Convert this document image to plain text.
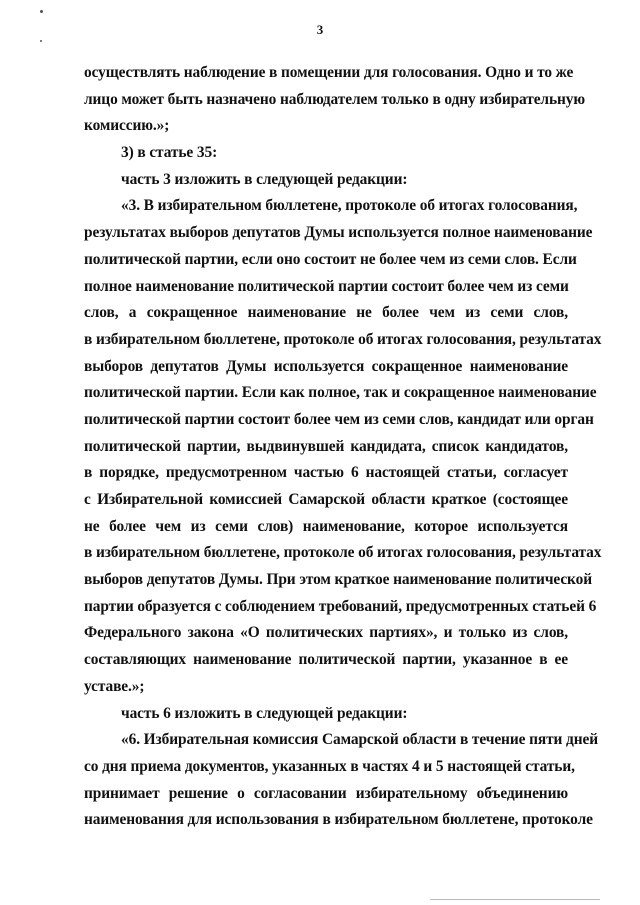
3

осуществлять наблюдение в помещении для голосования. Одно и то же
лицо может быть назначено наблюдателем только в одну избирательную
комиссию.»;

3) в статье 35:

часть 3 изложить в следующей редакции:

«3. В избирательном бюллетене, протоколе об итогах голосования,
результатах выборов депутатов Думы используется полное наименование
политической партии, если оно состоит не более чем из семи слов. Если
полное наименование политической партии состоит более чем из семи
слов, а сокращенное наименование не более чем из семи слов,
в избирательном бюллетене, протоколе об итогах голосования, результатах
выборов депутатов Думы используется сокращенное наименование
политической партии. Если как полное, так и сокращенное наименование
политической партии состоит более чем из семи слов, кандидат или орган
политической партии, выдвинувшей кандидата, список кандидатов,
в порядке, предусмотренном частью 6 настоящей статьи, согласует
с Избирательной комиссией Самарской области краткое (состоящее
не более чем из семи слов) наименование, которое используется
в избирательном бюллетене, протоколе об итогах голосования, результатах
выборов депутатов Думы. При этом краткое наименование политической
партии образуется с соблюдением требований, предусмотренных статьей 6
Федерального закона «О политических партиях», и только из слов,
составляющих наименование политической партии, указанное в ее
уставе.»;

часть 6 изложить в следующей редакции:

«6. Избирательная комиссия Самарской области в течение пяти дней
со дня приема документов, указанных в частях 4 и 5 настоящей статьи,
принимает решение о согласовании избирательному объединению
наименования для использования в избирательном бюллетене, протоколе
